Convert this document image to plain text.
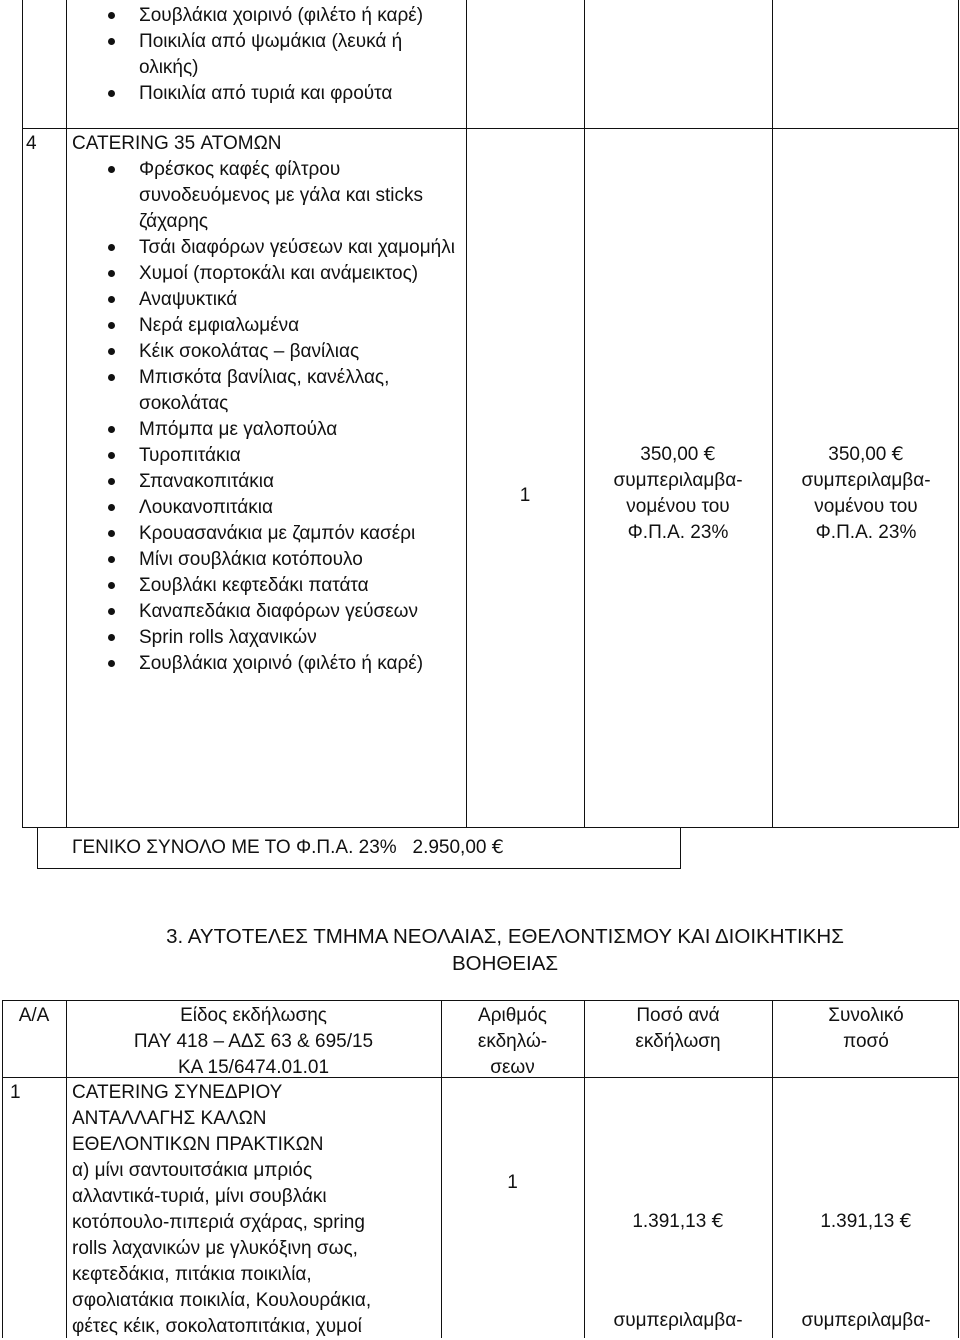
Σουβλάκια χοιρινό (φιλέτο ή καρέ)
Ποικιλία από ψωμάκια (λευκά ή ολικής)
Ποικιλία από τυριά και φρούτα
4 CATERING 35 ΑΤΟΜΩΝ
Φρέσκος καφές φίλτρου συνοδευόμενος με γάλα και sticks ζάχαρης
Τσάι διαφόρων γεύσεων και χαμομήλι
Χυμοί (πορτοκάλι και ανάμεικτος)
Αναψυκτικά
Νερά εμφιαλωμένα
Κέικ σοκολάτας – βανίλιας
Μπισκότα βανίλιας, κανέλλας, σοκολάτας
Μπόμπα με γαλοπούλα
Τυροπιτάκια
Σπανακοπιτάκια
Λουκανοπιτάκια
Κρουασανάκια με ζαμπόν κασέρι
Μίνι σουβλάκια κοτόπουλο
Σουβλάκι κεφτεδάκι πατάτα
Καναπεδάκια διαφόρων γεύσεων
Sprin rolls λαχανικών
Σουβλάκια χοιρινό (φιλέτο ή καρέ)
1
350,00 €
συμπεριλαμβα-
νομένου του
Φ.Π.Α. 23%
350,00 €
συμπεριλαμβα-
νομένου του
Φ.Π.Α. 23%
ΓΕΝΙΚΟ ΣΥΝΟΛΟ ΜΕ ΤΟ Φ.Π.Α. 23% 2.950,00 €
3. ΑΥΤΟΤΕΛΕΣ ΤΜΗΜΑ ΝΕΟΛΑΙΑΣ, ΕΘΕΛΟΝΤΙΣΜΟΥ ΚΑΙ ΔΙΟΙΚΗΤΙΚΗΣ
ΒΟΗΘΕΙΑΣ
Α/Α	Είδος εκδήλωσης
ΠΑΥ 418 – ΑΔΣ 63 & 695/15
ΚΑ 15/6474.01.01
Αριθμός
εκδηλώ-
σεων
Ποσό ανά
εκδήλωση
Συνολικό
ποσό
1	CATERING ΣΥΝΕΔΡΙΟΥ
ΑΝΤΑΛΛΑΓΗΣ ΚΑΛΩΝ
ΕΘΕΛΟΝΤΙΚΩΝ ΠΡΑΚΤΙΚΩΝ
α) μίνι σαντουιτσάκια μπριός
αλλαντικά-τυριά, μίνι σουβλάκι
κοτόπουλο-πιπεριά σχάρας, spring
rolls λαχανικών με γλυκόξινη σως,
κεφτεδάκια, πιτάκια ποικιλία,
σφολιατάκια ποικιλία, Κουλουράκια,
φέτες κέικ, σοκολατοπιτάκια, χυμοί
1
1.391,13 €
συμπεριλαμβα-
1.391,13 €
συμπεριλαμβα-
